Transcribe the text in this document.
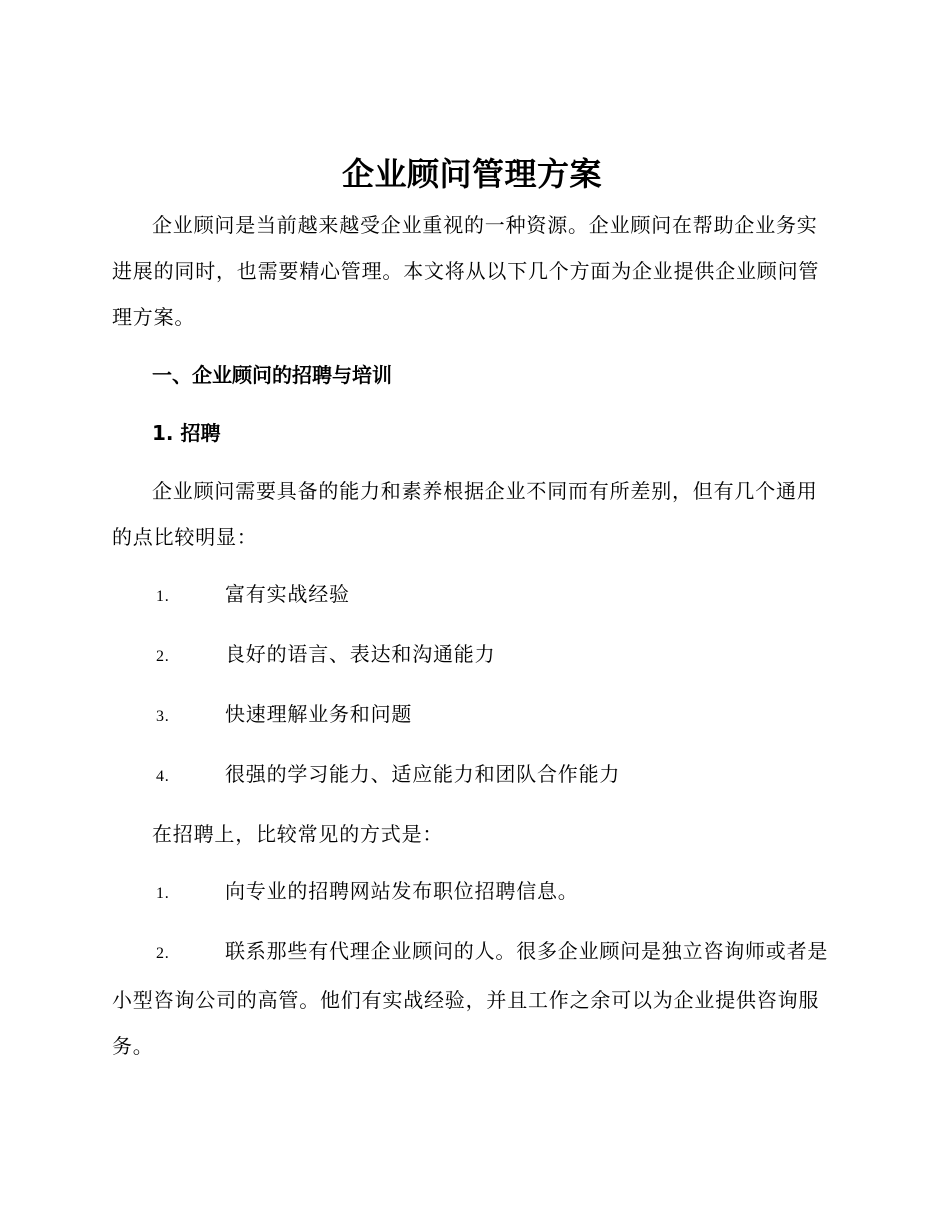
企业顾问管理方案

企业顾问是当前越来越受企业重视的一种资源。企业顾问在帮助企业务实进展的同时，也需要精心管理。本文将从以下几个方面为企业提供企业顾问管理方案。

一、企业顾问的招聘与培训

1. 招聘

企业顾问需要具备的能力和素养根据企业不同而有所差别，但有几个通用的点比较明显：

1.	富有实战经验

2.	良好的语言、表达和沟通能力

3.	快速理解业务和问题

4.	很强的学习能力、适应能力和团队合作能力

在招聘上，比较常见的方式是：

1.	向专业的招聘网站发布职位招聘信息。

2.	联系那些有代理企业顾问的人。很多企业顾问是独立咨询师或者是小型咨询公司的高管。他们有实战经验，并且工作之余可以为企业提供咨询服务。
